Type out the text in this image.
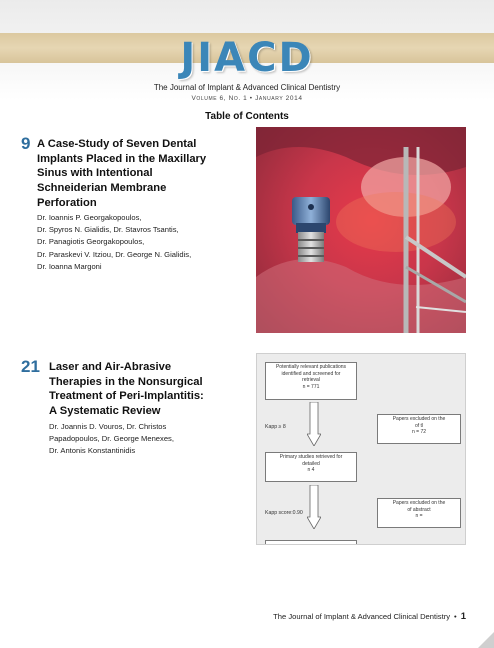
JIACD
The Journal of Implant & Advanced Clinical Dentistry
Volume 6, No. 1 • January 2014
Table of Contents
9 A Case-Study of Seven Dental
Implants Placed in the Maxillary
Sinus with Intentional
Schneiderian Membrane
Perforation
Dr. Ioannis P. Georgakopoulos,
Dr. Spyros N. Gialidis, Dr. Stavros Tsantis,
Dr. Panagiotis Georgakopoulos,
Dr. Paraskevi V. Itziou, Dr. George N. Gialidis,
Dr. Ioanna Margoni
21 Laser and Air-Abrasive
Therapies in the Nonsurgical
Treatment of Peri-Implantitis:
A Systematic Review
Dr. Joannis D. Vouros, Dr. Christos
Papadopoulos, Dr. George Menexes,
Dr. Antonis Konstantinidis
Potentially relevant publications
identified and screened for
retrieval
n = 771
Kapp ≥ 8
Papers excluded on the
of tl
n = 72
Primary studies retrieved for
detailed
n 4
Kapp score:0.90
Papers excluded on the
of abstract
n =
The Journal of Implant & Advanced Clinical Dentistry • 1
